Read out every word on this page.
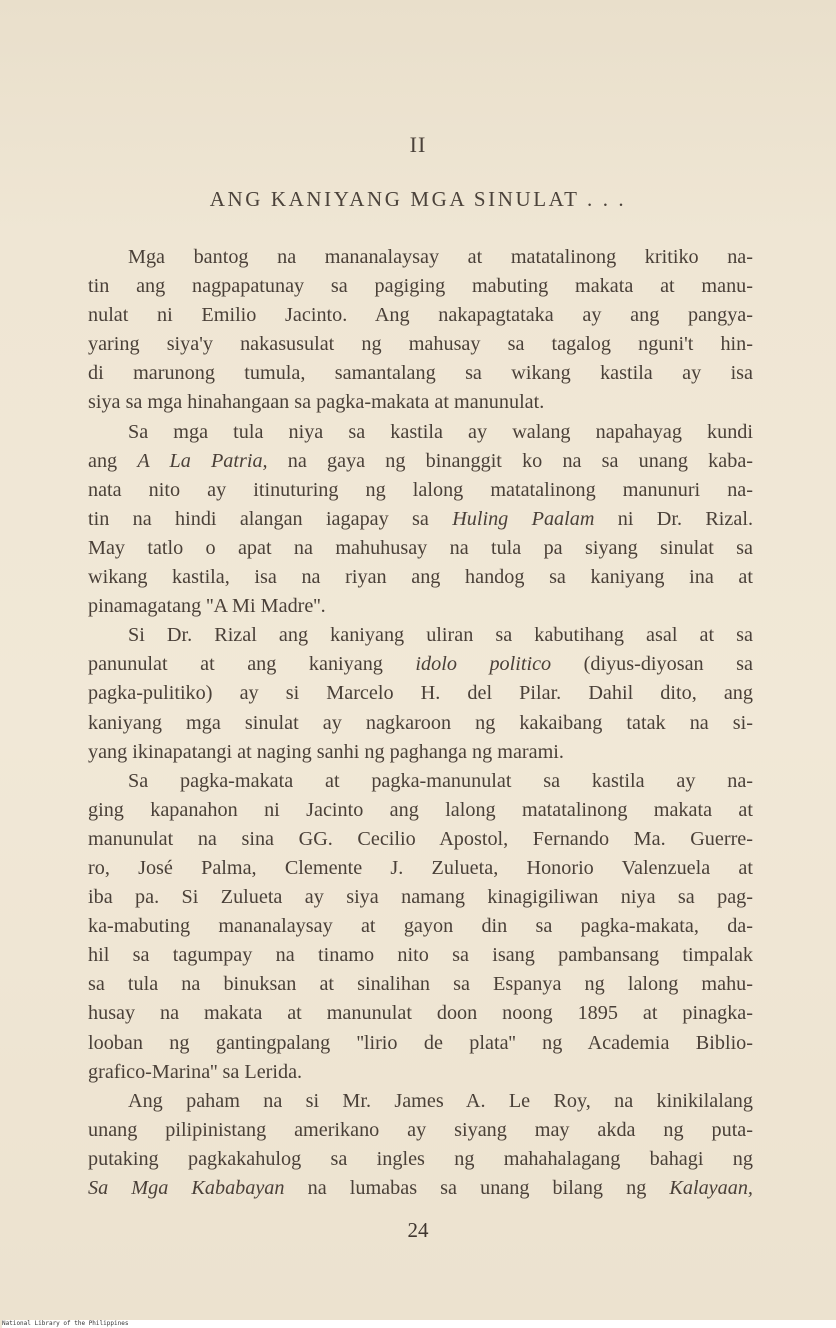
II
ANG KANIYANG MGA SINULAT . . .
Mga bantog na mananalaysay at matatalinong kritiko na-
tin ang nagpapatunay sa pagiging mabuting makata at manu-
nulat ni Emilio Jacinto. Ang nakapagtataka ay ang pangya-
yaring siya'y nakasusulat ng mahusay sa tagalog nguni't hin-
di marunong tumula, samantalang sa wikang kastila ay isa
siya sa mga hinahangaan sa pagka-makata at manunulat.
Sa mga tula niya sa kastila ay walang napahayag kundi
ang A La Patria, na gaya ng binanggit ko na sa unang kaba-
nata nito ay itinuturing ng lalong matatalinong manunuri na-
tin na hindi alangan iagapay sa Huling Paalam ni Dr. Rizal.
May tatlo o apat na mahuhusay na tula pa siyang sinulat sa
wikang kastila, isa na riyan ang handog sa kaniyang ina at
pinamagatang ''A Mi Madre''.
Si Dr. Rizal ang kaniyang uliran sa kabutihang asal at sa
panunulat at ang kaniyang idolo politico (diyus-diyosan sa
pagka-pulitiko) ay si Marcelo H. del Pilar. Dahil dito, ang
kaniyang mga sinulat ay nagkaroon ng kakaibang tatak na si-
yang ikinapatangi at naging sanhi ng paghanga ng marami.
Sa pagka-makata at pagka-manunulat sa kastila ay na-
ging kapanahon ni Jacinto ang lalong matatalinong makata at
manunulat na sina GG. Cecilio Apostol, Fernando Ma. Guerre-
ro, José Palma, Clemente J. Zulueta, Honorio Valenzuela at
iba pa. Si Zulueta ay siya namang kinagigiliwan niya sa pag-
ka-mabuting mananalaysay at gayon din sa pagka-makata, da-
hil sa tagumpay na tinamo nito sa isang pambansang timpalak
sa tula na binuksan at sinalihan sa Espanya ng lalong mahu-
husay na makata at manunulat doon noong 1895 at pinagka-
looban ng gantingpalang ''lirio de plata'' ng Academia Biblio-
grafico-Marina'' sa Lerida.
Ang paham na si Mr. James A. Le Roy, na kinikilalang
unang pilipinistang amerikano ay siyang may akda ng puta-
putaking pagkakahulog sa ingles ng mahahalagang bahagi ng
Sa Mga Kababayan na lumabas sa unang bilang ng Kalayaan,
24
National Library of the Philippines
